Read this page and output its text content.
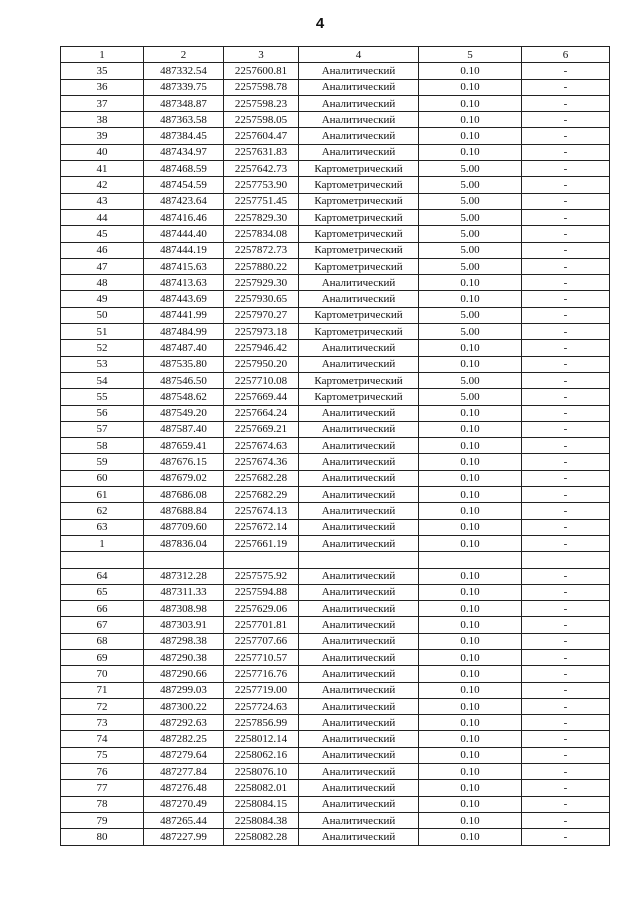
4
1	2	3	4	5	6
35	487332.54	2257600.81	Аналитический	0.10	-
36	487339.75	2257598.78	Аналитический	0.10	-
37	487348.87	2257598.23	Аналитический	0.10	-
38	487363.58	2257598.05	Аналитический	0.10	-
39	487384.45	2257604.47	Аналитический	0.10	-
40	487434.97	2257631.83	Аналитический	0.10	-
41	487468.59	2257642.73	Картометрический	5.00	-
42	487454.59	2257753.90	Картометрический	5.00	-
43	487423.64	2257751.45	Картометрический	5.00	-
44	487416.46	2257829.30	Картометрический	5.00	-
45	487444.40	2257834.08	Картометрический	5.00	-
46	487444.19	2257872.73	Картометрический	5.00	-
47	487415.63	2257880.22	Картометрический	5.00	-
48	487413.63	2257929.30	Аналитический	0.10	-
49	487443.69	2257930.65	Аналитический	0.10	-
50	487441.99	2257970.27	Картометрический	5.00	-
51	487484.99	2257973.18	Картометрический	5.00	-
52	487487.40	2257946.42	Аналитический	0.10	-
53	487535.80	2257950.20	Аналитический	0.10	-
54	487546.50	2257710.08	Картометрический	5.00	-
55	487548.62	2257669.44	Картометрический	5.00	-
56	487549.20	2257664.24	Аналитический	0.10	-
57	487587.40	2257669.21	Аналитический	0.10	-
58	487659.41	2257674.63	Аналитический	0.10	-
59	487676.15	2257674.36	Аналитический	0.10	-
60	487679.02	2257682.28	Аналитический	0.10	-
61	487686.08	2257682.29	Аналитический	0.10	-
62	487688.84	2257674.13	Аналитический	0.10	-
63	487709.60	2257672.14	Аналитический	0.10	-
1	487836.04	2257661.19	Аналитический	0.10	-

64	487312.28	2257575.92	Аналитический	0.10	-
65	487311.33	2257594.88	Аналитический	0.10	-
66	487308.98	2257629.06	Аналитический	0.10	-
67	487303.91	2257701.81	Аналитический	0.10	-
68	487298.38	2257707.66	Аналитический	0.10	-
69	487290.38	2257710.57	Аналитический	0.10	-
70	487290.66	2257716.76	Аналитический	0.10	-
71	487299.03	2257719.00	Аналитический	0.10	-
72	487300.22	2257724.63	Аналитический	0.10	-
73	487292.63	2257856.99	Аналитический	0.10	-
74	487282.25	2258012.14	Аналитический	0.10	-
75	487279.64	2258062.16	Аналитический	0.10	-
76	487277.84	2258076.10	Аналитический	0.10	-
77	487276.48	2258082.01	Аналитический	0.10	-
78	487270.49	2258084.15	Аналитический	0.10	-
79	487265.44	2258084.38	Аналитический	0.10	-
80	487227.99	2258082.28	Аналитический	0.10	-
